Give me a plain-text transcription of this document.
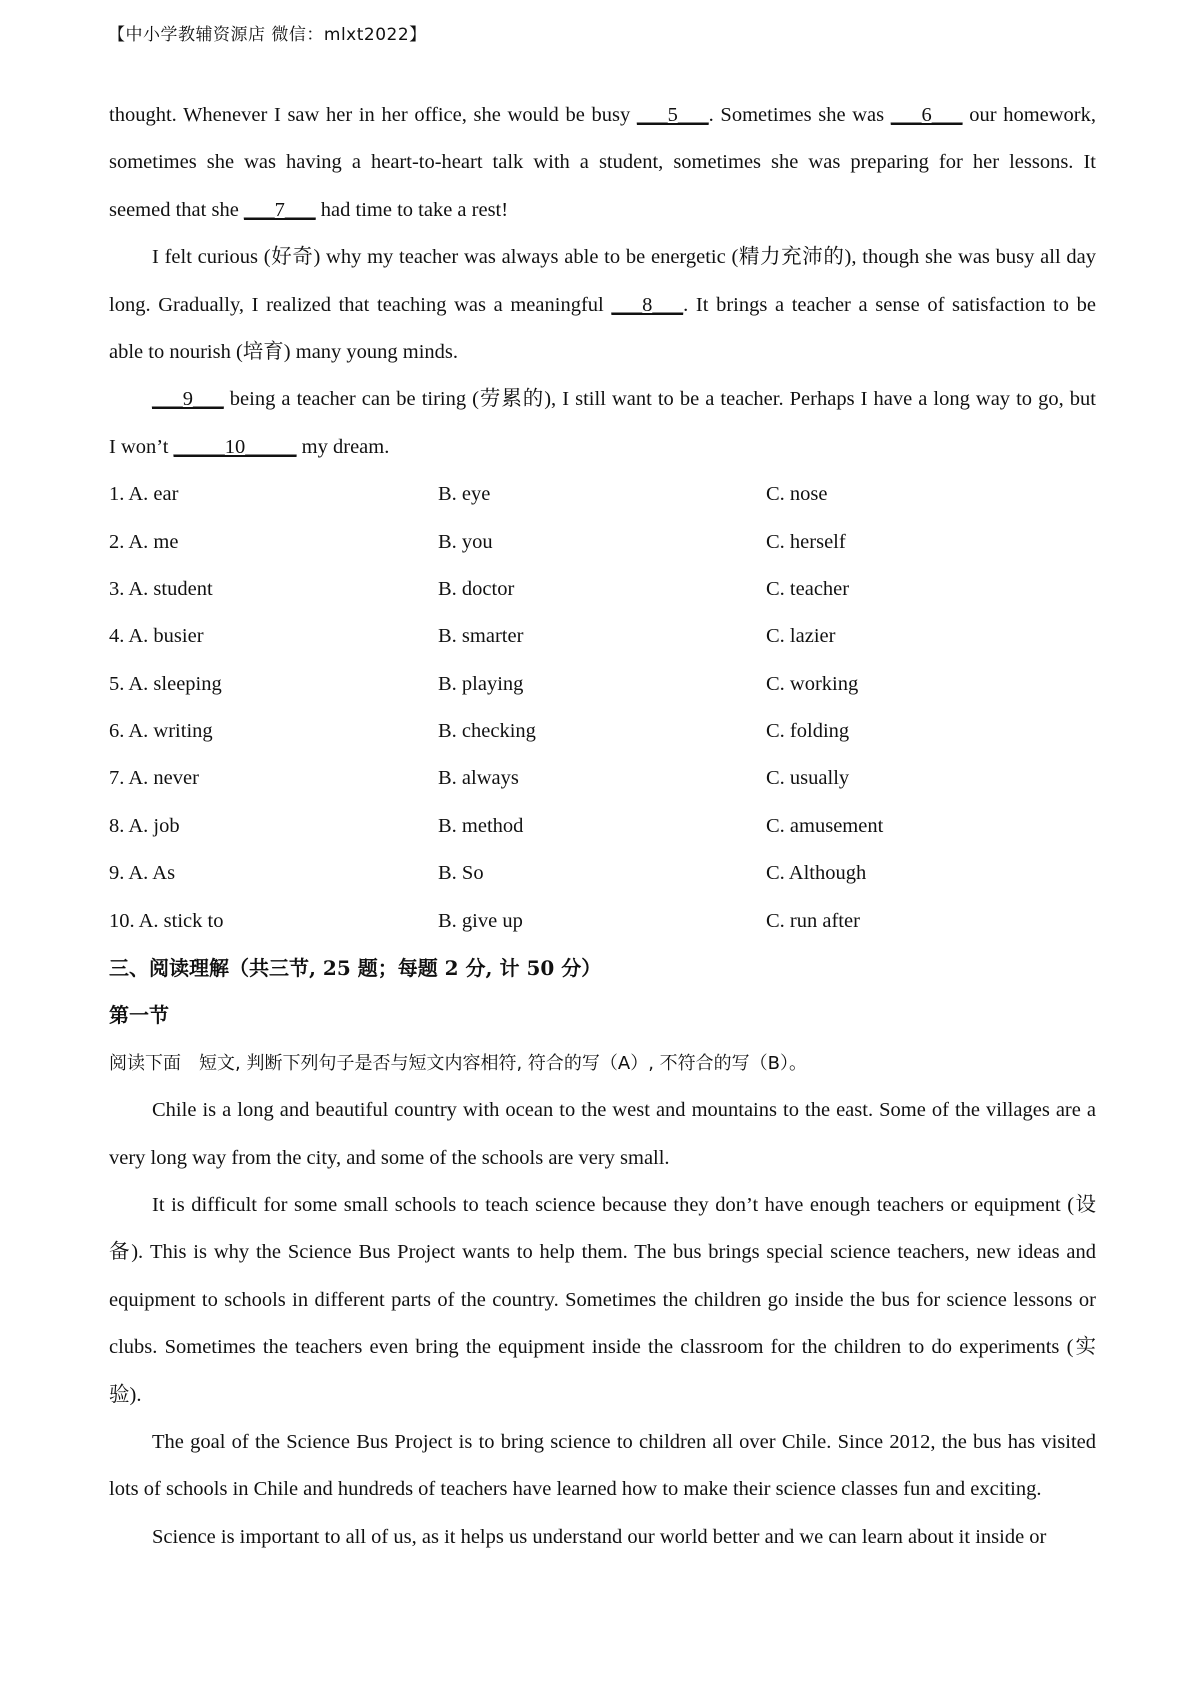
【中小学教辅资源店 微信：mlxt2022】
thought. Whenever I saw her in her office, she would be busy ___5___. Sometimes she was ___6___ our homework,
sometimes she was having a heart-to-heart talk with a student, sometimes she was preparing for her lessons. It
seemed that she ___7___ had time to take a rest!
I felt curious (好奇) why my teacher was always able to be energetic (精力充沛的), though she was busy all day
long. Gradually, I realized that teaching was a meaningful ___8___. It brings a teacher a sense of satisfaction to be
able to nourish (培育) many young minds.
___9___ being a teacher can be tiring (劳累的), I still want to be a teacher. Perhaps I have a long way to go, but
I won’t _____10_____ my dream.
1. A. ear	B. eye	C. nose
2. A. me	B. you	C. herself
3. A. student	B. doctor	C. teacher
4. A. busier	B. smarter	C. lazier
5. A. sleeping	B. playing	C. working
6. A. writing	B. checking	C. folding
7. A. never	B. always	C. usually
8. A. job	B. method	C. amusement
9. A. As	B. So	C. Although
10. A. stick to	B. give up	C. run after
三、阅读理解（共三节, 25 题；每题 2 分, 计 50 分）
第一节
阅读下面　短文, 判断下列句子是否与短文内容相符, 符合的写（A）, 不符合的写（B）。
Chile is a long and beautiful country with ocean to the west and mountains to the east. Some of the villages are a
very long way from the city, and some of the schools are very small.
It is difficult for some small schools to teach science because they don’t have enough teachers or equipment (设
备). This is why the Science Bus Project wants to help them. The bus brings special science teachers, new ideas and
equipment to schools in different parts of the country. Sometimes the children go inside the bus for science lessons or
clubs. Sometimes the teachers even bring the equipment inside the classroom for the children to do experiments (实
验).
The goal of the Science Bus Project is to bring science to children all over Chile. Since 2012, the bus has visited
lots of schools in Chile and hundreds of teachers have learned how to make their science classes fun and exciting.
Science is important to all of us, as it helps us understand our world better and we can learn about it inside or
